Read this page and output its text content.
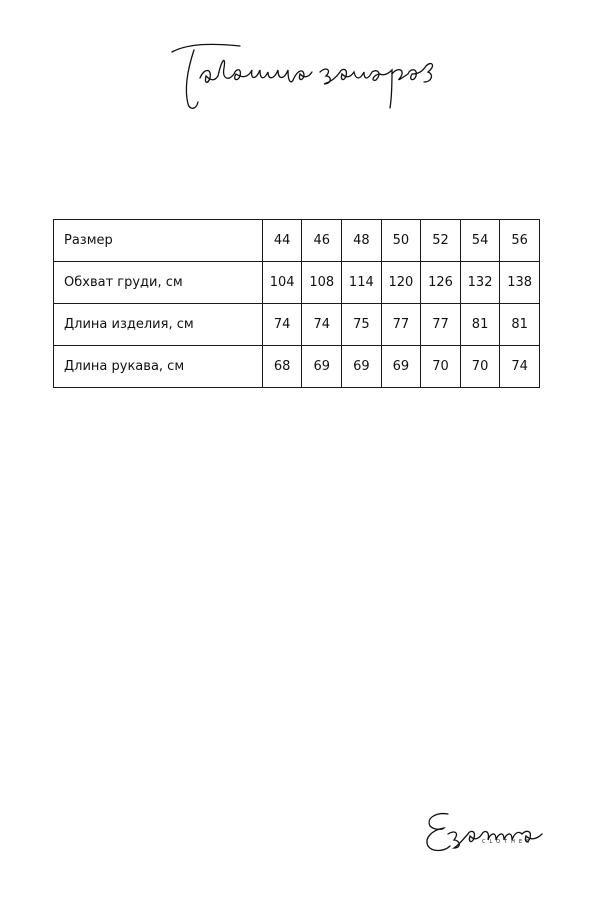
Размер	44	46	48	50	52	54	56
Обхват груди, см	104	108	114	120	126	132	138
Длина изделия, см	74	74	75	77	77	81	81
Длина рукава, см	68	69	69	69	70	70	74
CLOTHES
